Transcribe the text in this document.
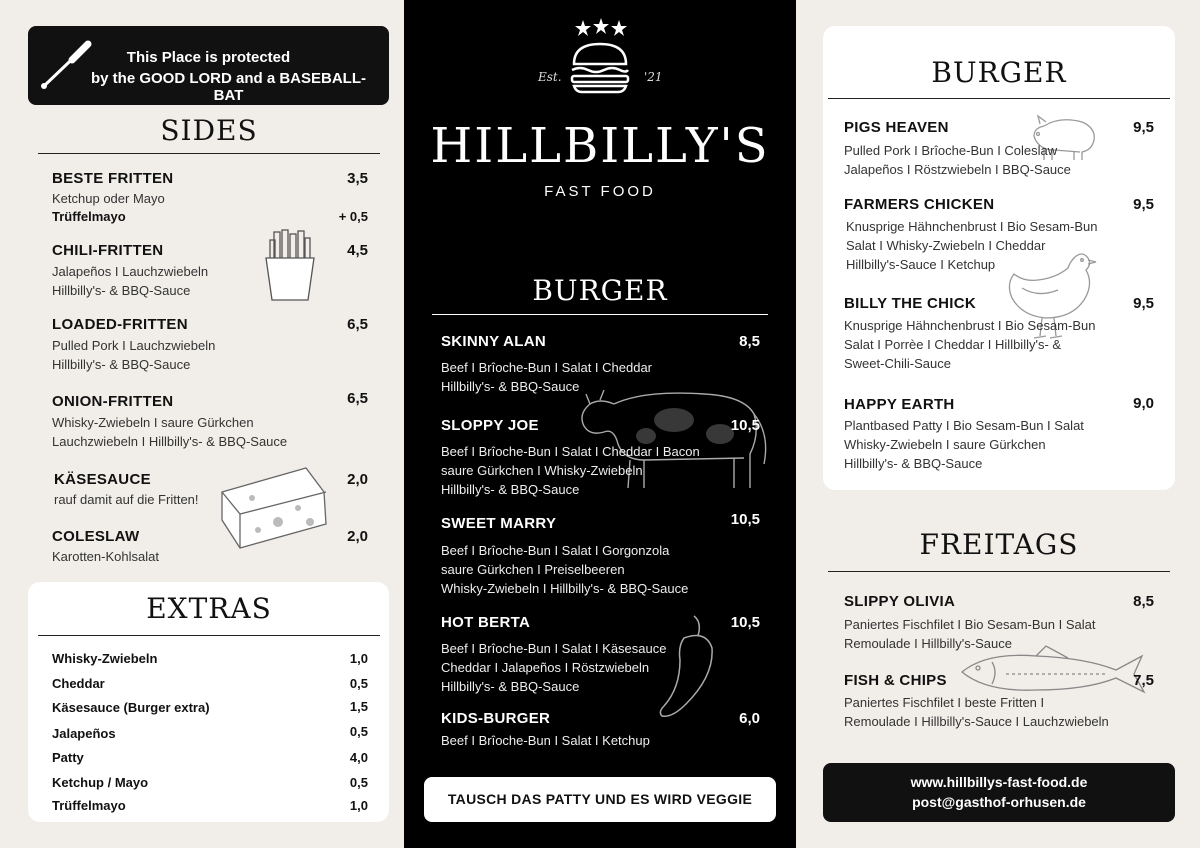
This Place is protected
by the GOOD LORD and a BASEBALL-BAT
SIDES
BESTE FRITTEN	3,5
Ketchup oder Mayo
Trüffelmayo	+ 0,5
CHILI-FRITTEN	4,5
Jalapeños I Lauchzwiebeln
Hillbilly's- & BBQ-Sauce
LOADED-FRITTEN	6,5
Pulled Pork I Lauchzwiebeln
Hillbilly's- & BBQ-Sauce
ONION-FRITTEN	6,5
Whisky-Zwiebeln I saure Gürkchen
Lauchzwiebeln I Hillbilly's- & BBQ-Sauce
KÄSESAUCE	2,0
rauf damit auf die Fritten!
COLESLAW	2,0
Karotten-Kohlsalat
EXTRAS
Whisky-Zwiebeln	1,0
Cheddar	0,5
Käsesauce (Burger extra)	1,5
Jalapeños	0,5
Patty	4,0
Ketchup / Mayo	0,5
Trüffelmayo	1,0
Est.	'21
HILLBILLY'S
FAST FOOD
BURGER
SKINNY ALAN	8,5
Beef I Brîoche-Bun I Salat I Cheddar
Hillbilly's- & BBQ-Sauce
SLOPPY JOE	10,5
Beef I Brîoche-Bun I Salat I Cheddar I Bacon
saure Gürkchen I Whisky-Zwiebeln
Hillbilly's- & BBQ-Sauce
SWEET MARRY	10,5
Beef I Brîoche-Bun I Salat I Gorgonzola
saure Gürkchen I Preiselbeeren
Whisky-Zwiebeln I Hillbilly's- & BBQ-Sauce
HOT BERTA	10,5
Beef I Brîoche-Bun I Salat I Käsesauce
Cheddar I Jalapeños I Röstzwiebeln
Hillbilly's- & BBQ-Sauce
KIDS-BURGER	6,0
Beef I Brîoche-Bun I Salat I Ketchup
TAUSCH DAS PATTY UND ES WIRD VEGGIE
BURGER
PIGS HEAVEN	9,5
Pulled Pork I Brîoche-Bun I Coleslaw
Jalapeños I Röstzwiebeln I BBQ-Sauce
FARMERS CHICKEN	9,5
Knusprige Hähnchenbrust I Bio Sesam-Bun
Salat I Whisky-Zwiebeln I Cheddar
Hillbilly's-Sauce I Ketchup
BILLY THE CHICK	9,5
Knusprige Hähnchenbrust I Bio Sesam-Bun
Salat I Porrèe I Cheddar I Hillbilly's- &
Sweet-Chili-Sauce
HAPPY EARTH	9,0
Plantbased Patty I Bio Sesam-Bun I Salat
Whisky-Zwiebeln I saure Gürkchen
Hillbilly's- & BBQ-Sauce
FREITAGS
SLIPPY OLIVIA	8,5
Paniertes Fischfilet I Bio Sesam-Bun I Salat
Remoulade I Hillbilly's-Sauce
FISH & CHIPS	7,5
Paniertes Fischfilet I beste Fritten I
Remoulade I Hillbilly's-Sauce I Lauchzwiebeln
www.hillbillys-fast-food.de
post@gasthof-orhusen.de
